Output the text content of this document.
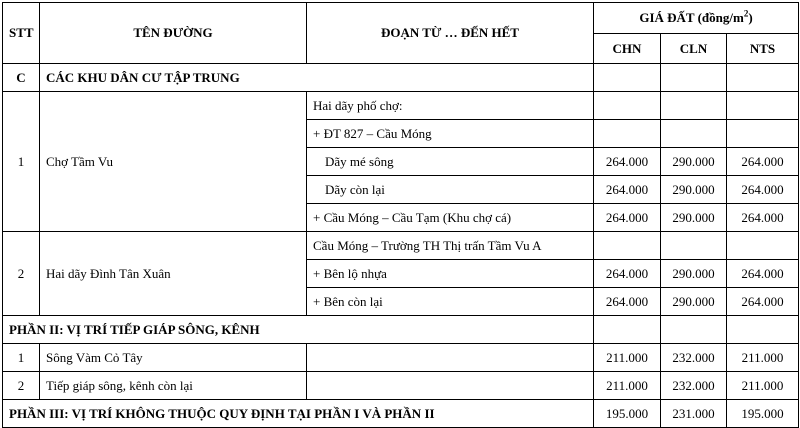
STT	TÊN ĐƯỜNG	ĐOẠN TỪ … ĐẾN HẾT	GIÁ ĐẤT $(đồng/m^2)$		
			CHN	CLN	NTS
C	CÁC KHU DÂN CƯ TẬP TRUNG				
1	Chợ Tầm Vu	Hai dãy phố chợ:			
		+ ĐT 827 – Cầu Móng			
		Dãy mé sông	264.000	290.000	264.000
		Dãy còn lại	264.000	290.000	264.000
		+ Cầu Móng – Cầu Tạm (Khu chợ cá)	264.000	290.000	264.000
2	Hai dãy Đình Tân Xuân	Cầu Móng – Trường TH Thị trấn Tầm Vu A			
		+ Bên lộ nhựa	264.000	290.000	264.000
		+ Bên còn lại	264.000	290.000	264.000
PHẦN II: VỊ TRÍ TIẾP GIÁP SÔNG, KÊNH					
1	Sông Vàm Cỏ Tây		211.000	232.000	211.000
2	Tiếp giáp sông, kênh còn lại		211.000	232.000	211.000
PHẦN III: VỊ TRÍ KHÔNG THUỘC QUY ĐỊNH TẠI PHẦN I VÀ PHẦN II			195.000	231.000	195.000
